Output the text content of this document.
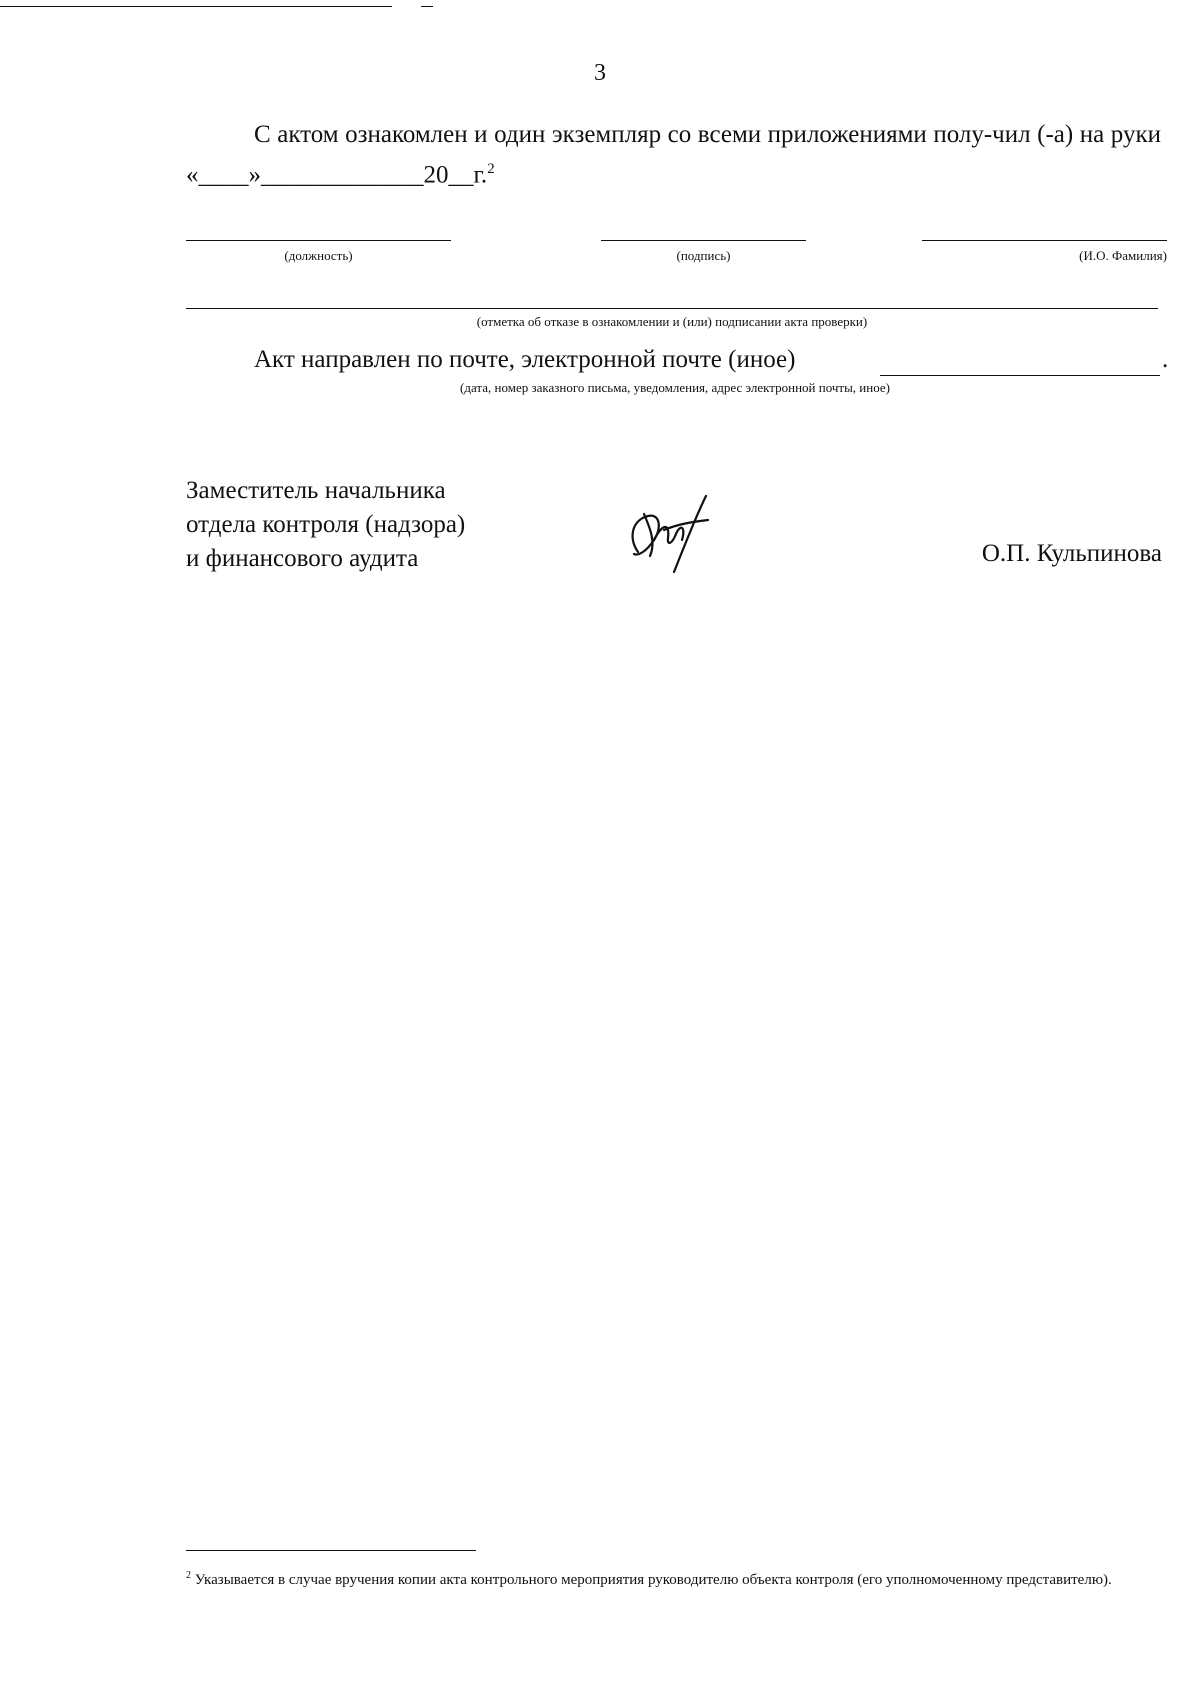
3
С актом ознакомлен и один экземпляр со всеми приложениями полу-чил (-а) на руки «____»_____________20__г.$^2$
(должность)	(подпись)	(И.О. Фамилия)
(отметка об отказе в ознакомлении и (или) подписании акта проверки)
Акт направлен по почте, электронной почте (иное)	.
(дата, номер заказного письма, уведомления, адрес электронной почты, иное)
Заместитель начальника
отдела контроля (надзора)
и финансового аудита	О.П. Кульпинова
$^2$ Указывается в случае вручения копии акта контрольного мероприятия руководителю объекта контроля (его уполномоченному представителю).
